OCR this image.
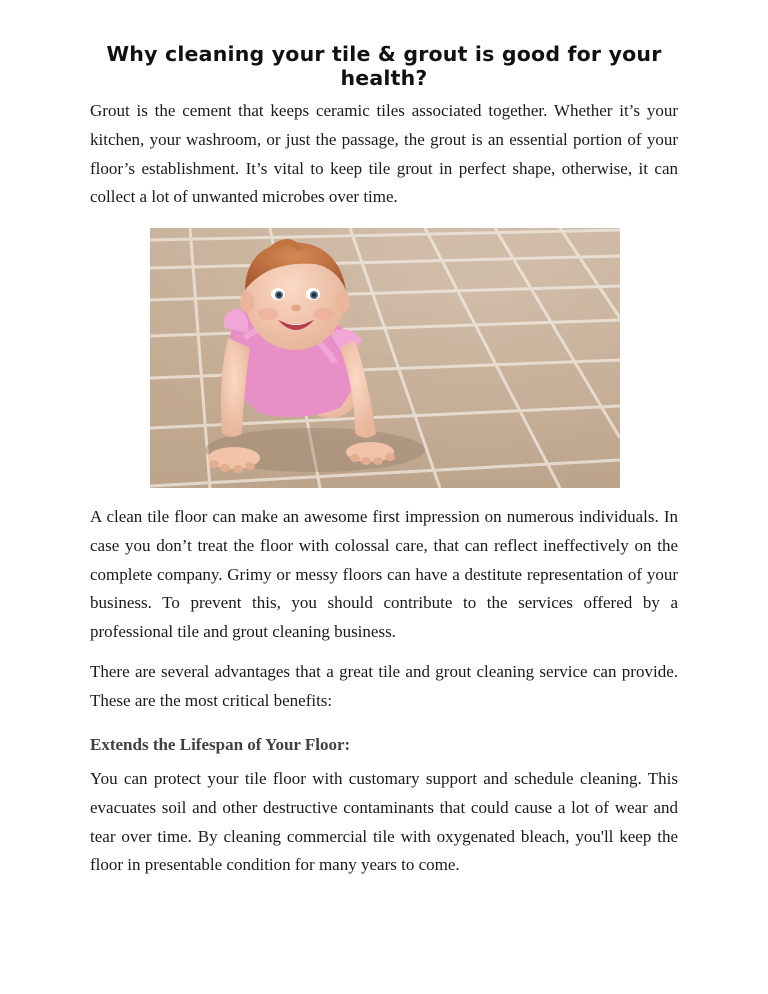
Why cleaning your tile & grout is good for your health?

Grout is the cement that keeps ceramic tiles associated together. Whether it’s your kitchen, your washroom, or just the passage, the grout is an essential portion of your floor’s establishment. It’s vital to keep tile grout in perfect shape, otherwise, it can collect a lot of unwanted microbes over time.

A clean tile floor can make an awesome first impression on numerous individuals. In case you don’t treat the floor with colossal care, that can reflect ineffectively on the complete company. Grimy or messy floors can have a destitute representation of your business. To prevent this, you should contribute to the services offered by a professional tile and grout cleaning business.

There are several advantages that a great tile and grout cleaning service can provide. These are the most critical benefits:

Extends the Lifespan of Your Floor:

You can protect your tile floor with customary support and schedule cleaning. This evacuates soil and other destructive contaminants that could cause a lot of wear and tear over time. By cleaning commercial tile with oxygenated bleach, you'll keep the floor in presentable condition for many years to come.
